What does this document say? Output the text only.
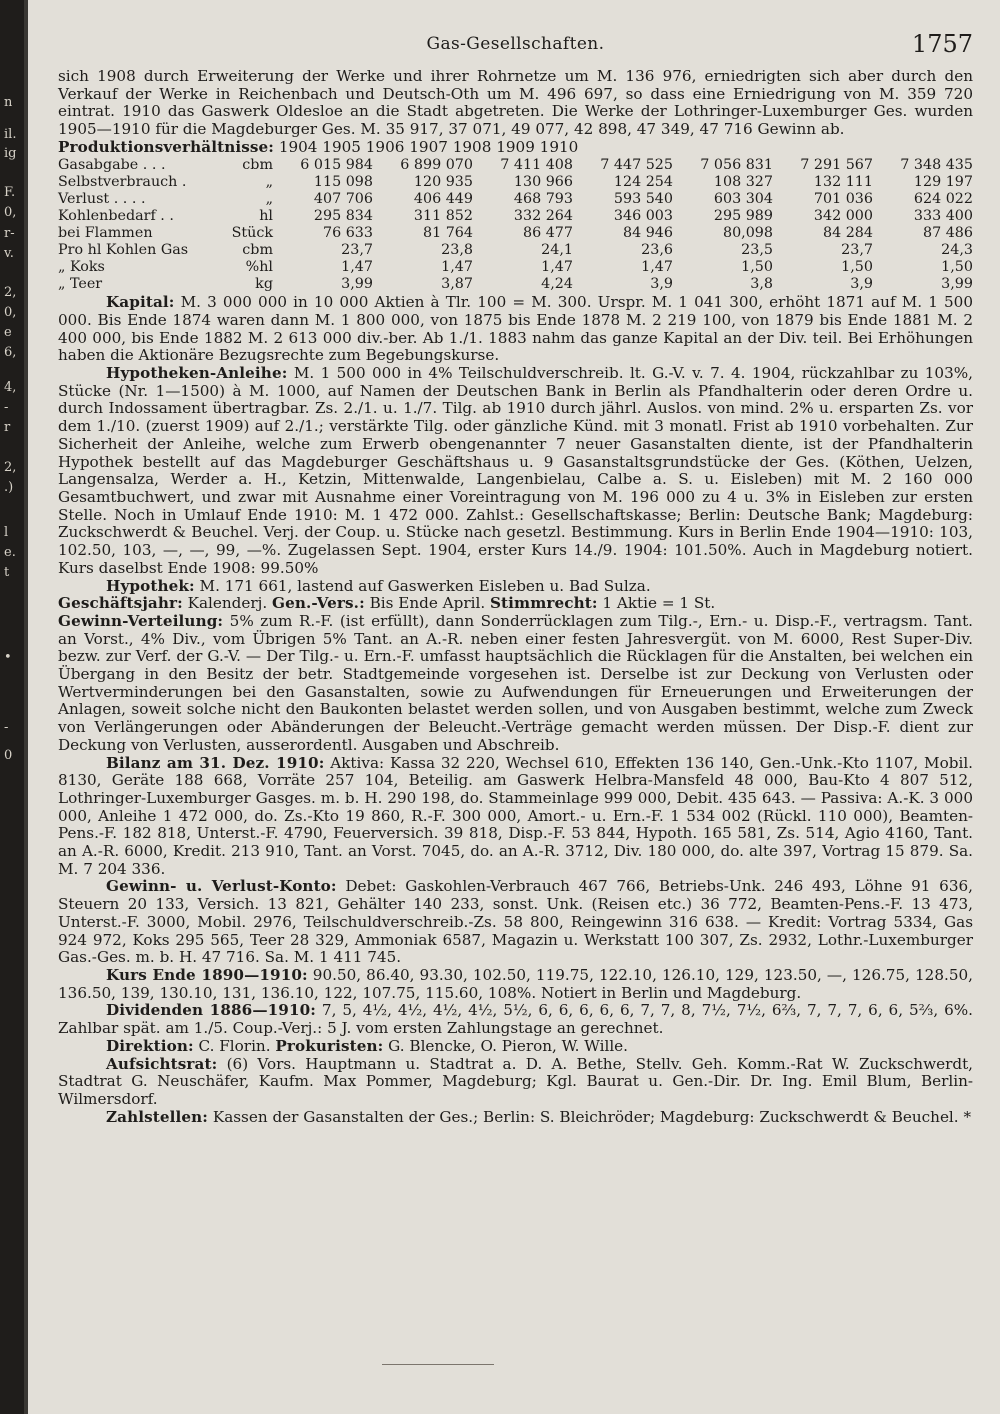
n
il.
ig
F.
0,
r-
v.
2,
0,
e
6,
4,
-
r
2,
.)
l
e.
t
•
-
0
Gas-Gesellschaften.	1757

sich 1908 durch Erweiterung der Werke und ihrer Rohrnetze um M. 136 976, erniedrigten sich aber durch den Verkauf der Werke in Reichenbach und Deutsch-Oth um M. 496 697, so dass eine Erniedrigung von M. 359 720 eintrat. 1910 das Gaswerk Oldesloe an die Stadt abgetreten. Die Werke der Lothringer-Luxemburger Ges. wurden 1905—1910 für die Magdeburger Ges. M. 35 917, 37 071, 49 077, 42 898, 47 349, 47 716 Gewinn ab.

Produktionsverhältnisse: 1904 1905 1906 1907 1908 1909 1910

Gasabgabe . . .	cbm	6 015 984	6 899 070	7 411 408	7 447 525	7 056 831	7 291 567	7 348 435
Selbstverbrauch .	„	115 098	120 935	130 966	124 254	108 327	132 111	129 197
Verlust . . . .	„	407 706	406 449	468 793	593 540	603 304	701 036	624 022
Kohlenbedarf . .	hl	295 834	311 852	332 264	346 003	295 989	342 000	333 400
bei Flammen	Stück	76 633	81 764	86 477	84 946	80,098	84 284	87 486
Pro hl Kohlen Gas	cbm	23,7	23,8	24,1	23,6	23,5	23,7	24,3
„ Koks	%hl	1,47	1,47	1,47	1,47	1,50	1,50	1,50
„ Teer	kg	3,99	3,87	4,24	3,9	3,8	3,9	3,99

Kapital: M. 3 000 000 in 10 000 Aktien à Tlr. 100 = M. 300. Urspr. M. 1 041 300, erhöht 1871 auf M. 1 500 000. Bis Ende 1874 waren dann M. 1 800 000, von 1875 bis Ende 1878 M. 2 219 100, von 1879 bis Ende 1881 M. 2 400 000, bis Ende 1882 M. 2 613 000 div.-ber. Ab 1./1. 1883 nahm das ganze Kapital an der Div. teil. Bei Erhöhungen haben die Aktionäre Bezugsrechte zum Begebungskurse.

Hypotheken-Anleihe: M. 1 500 000 in 4% Teilschuldverschreib. lt. G.-V. v. 7. 4. 1904, rückzahlbar zu 103%, Stücke (Nr. 1—1500) à M. 1000, auf Namen der Deutschen Bank in Berlin als Pfandhalterin oder deren Ordre u. durch Indossament übertragbar. Zs. 2./1. u. 1./7. Tilg. ab 1910 durch jährl. Auslos. von mind. 2% u. ersparten Zs. vor dem 1./10. (zuerst 1909) auf 2./1.; verstärkte Tilg. oder gänzliche Künd. mit 3 monatl. Frist ab 1910 vorbehalten. Zur Sicherheit der Anleihe, welche zum Erwerb obengenannter 7 neuer Gasanstalten diente, ist der Pfandhalterin Hypothek bestellt auf das Magdeburger Geschäftshaus u. 9 Gasanstaltsgrundstücke der Ges. (Köthen, Uelzen, Langensalza, Werder a. H., Ketzin, Mittenwalde, Langenbielau, Calbe a. S. u. Eisleben) mit M. 2 160 000 Gesamtbuchwert, und zwar mit Ausnahme einer Voreintragung von M. 196 000 zu 4 u. 3% in Eisleben zur ersten Stelle. Noch in Umlauf Ende 1910: M. 1 472 000. Zahlst.: Gesellschaftskasse; Berlin: Deutsche Bank; Magdeburg: Zuckschwerdt & Beuchel. Verj. der Coup. u. Stücke nach gesetzl. Bestimmung. Kurs in Berlin Ende 1904—1910: 103, 102.50, 103, —, —, 99, —%. Zugelassen Sept. 1904, erster Kurs 14./9. 1904: 101.50%. Auch in Magdeburg notiert. Kurs daselbst Ende 1908: 99.50%

Hypothek: M. 171 661, lastend auf Gaswerken Eisleben u. Bad Sulza.

Geschäftsjahr: Kalenderj. Gen.-Vers.: Bis Ende April. Stimmrecht: 1 Aktie = 1 St.

Gewinn-Verteilung: 5% zum R.-F. (ist erfüllt), dann Sonderrücklagen zum Tilg.-, Ern.- u. Disp.-F., vertragsm. Tant. an Vorst., 4% Div., vom Übrigen 5% Tant. an A.-R. neben einer festen Jahresvergüt. von M. 6000, Rest Super-Div. bezw. zur Verf. der G.-V. — Der Tilg.- u. Ern.-F. umfasst hauptsächlich die Rücklagen für die Anstalten, bei welchen ein Übergang in den Besitz der betr. Stadtgemeinde vorgesehen ist. Derselbe ist zur Deckung von Verlusten oder Wertverminderungen bei den Gasanstalten, sowie zu Aufwendungen für Erneuerungen und Erweiterungen der Anlagen, soweit solche nicht den Baukonten belastet werden sollen, und von Ausgaben bestimmt, welche zum Zweck von Verlängerungen oder Abänderungen der Beleucht.-Verträge gemacht werden müssen. Der Disp.-F. dient zur Deckung von Verlusten, ausserordentl. Ausgaben und Abschreib.

Bilanz am 31. Dez. 1910: Aktiva: Kassa 32 220, Wechsel 610, Effekten 136 140, Gen.-Unk.-Kto 1107, Mobil. 8130, Geräte 188 668, Vorräte 257 104, Beteilig. am Gaswerk Helbra-Mansfeld 48 000, Bau-Kto 4 807 512, Lothringer-Luxemburger Gasges. m. b. H. 290 198, do. Stammeinlage 999 000, Debit. 435 643. — Passiva: A.-K. 3 000 000, Anleihe 1 472 000, do. Zs.-Kto 19 860, R.-F. 300 000, Amort.- u. Ern.-F. 1 534 002 (Rückl. 110 000), Beamten-Pens.-F. 182 818, Unterst.-F. 4790, Feuerversich. 39 818, Disp.-F. 53 844, Hypoth. 165 581, Zs. 514, Agio 4160, Tant. an A.-R. 6000, Kredit. 213 910, Tant. an Vorst. 7045, do. an A.-R. 3712, Div. 180 000, do. alte 397, Vortrag 15 879. Sa. M. 7 204 336.

Gewinn- u. Verlust-Konto: Debet: Gaskohlen-Verbrauch 467 766, Betriebs-Unk. 246 493, Löhne 91 636, Steuern 20 133, Versich. 13 821, Gehälter 140 233, sonst. Unk. (Reisen etc.) 36 772, Beamten-Pens.-F. 13 473, Unterst.-F. 3000, Mobil. 2976, Teilschuldverschreib.-Zs. 58 800, Reingewinn 316 638. — Kredit: Vortrag 5334, Gas 924 972, Koks 295 565, Teer 28 329, Ammoniak 6587, Magazin u. Werkstatt 100 307, Zs. 2932, Lothr.-Luxemburger Gas.-Ges. m. b. H. 47 716. Sa. M. 1 411 745.

Kurs Ende 1890—1910: 90.50, 86.40, 93.30, 102.50, 119.75, 122.10, 126.10, 129, 123.50, —, 126.75, 128.50, 136.50, 139, 130.10, 131, 136.10, 122, 107.75, 115.60, 108%. Notiert in Berlin und Magdeburg.

Dividenden 1886—1910: 7, 5, 4½, 4½, 4½, 4½, 5½, 6, 6, 6, 6, 6, 7, 7, 8, 7½, 7½, 6⅔, 7, 7, 7, 6, 6, 5⅔, 6%. Zahlbar spät. am 1./5. Coup.-Verj.: 5 J. vom ersten Zahlungstage an gerechnet.

Direktion: C. Florin. Prokuristen: G. Blencke, O. Pieron, W. Wille.

Aufsichtsrat: (6) Vors. Hauptmann u. Stadtrat a. D. A. Bethe, Stellv. Geh. Komm.-Rat W. Zuckschwerdt, Stadtrat G. Neuschäfer, Kaufm. Max Pommer, Magdeburg; Kgl. Baurat u. Gen.-Dir. Dr. Ing. Emil Blum, Berlin-Wilmersdorf.

Zahlstellen: Kassen der Gasanstalten der Ges.; Berlin: S. Bleichröder; Magdeburg: Zuckschwerdt & Beuchel. *
